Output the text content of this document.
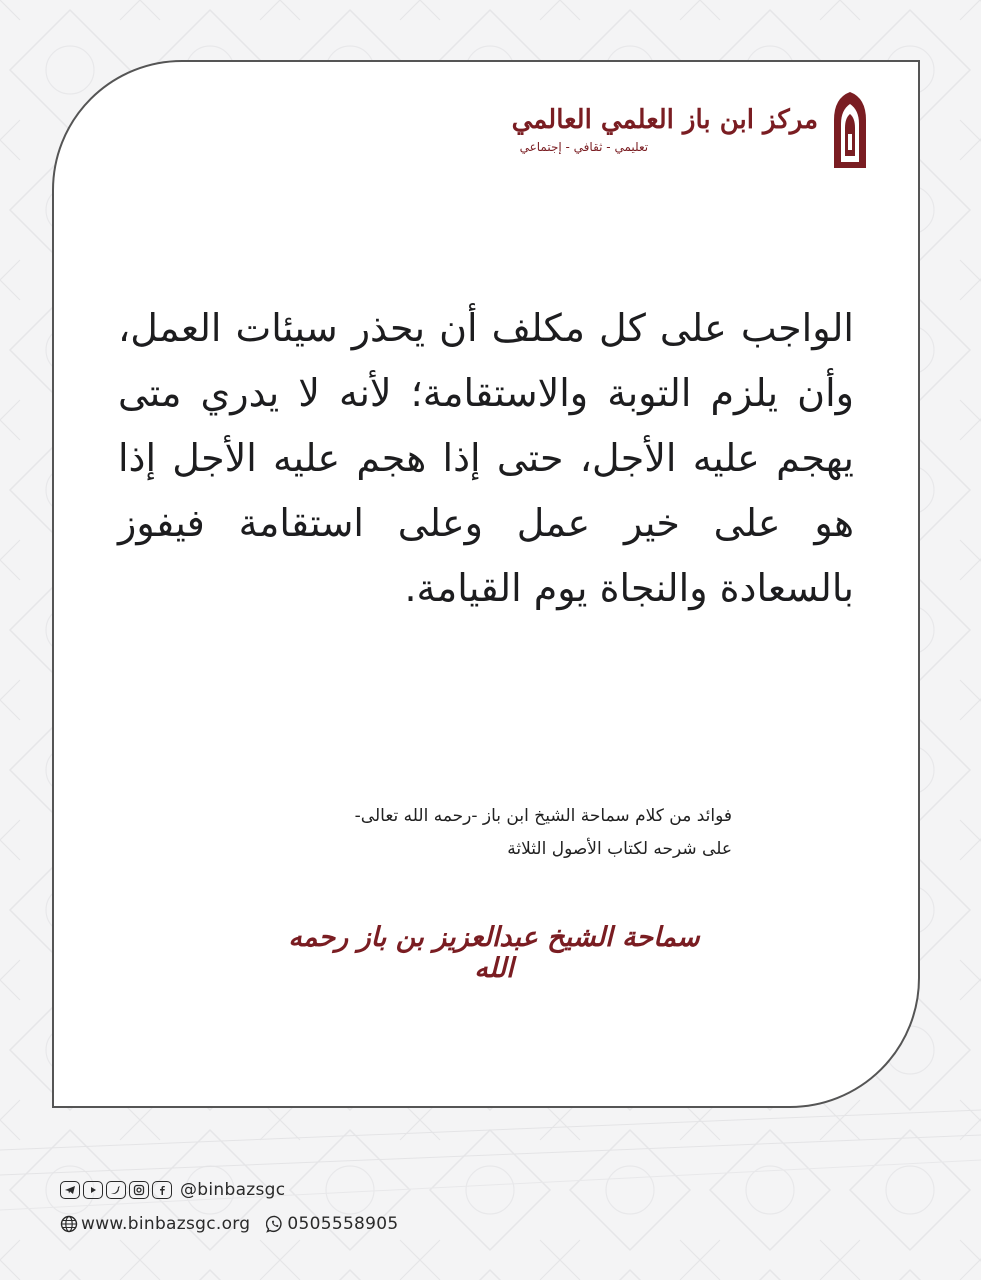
مركز ابن باز العلمي العالمي
تعليمي - ثقافي - إجتماعي
الواجب على كل مكلف أن يحذر سيئات العمل، وأن يلزم التوبة والاستقامة؛ لأنه لا يدري متى يهجم عليه الأجل، حتى إذا هجم عليه الأجل إذا هو على خير عمل وعلى استقامة فيفوز بالسعادة والنجاة يوم القيامة.
فوائد من كلام سماحة الشيخ ابن باز -رحمه الله تعالى-
على شرحه لكتاب الأصول الثلاثة
سماحة الشيخ عبدالعزيز بن باز رحمه الله
@binbazsgc
www.binbazsgc.org 0505558905
